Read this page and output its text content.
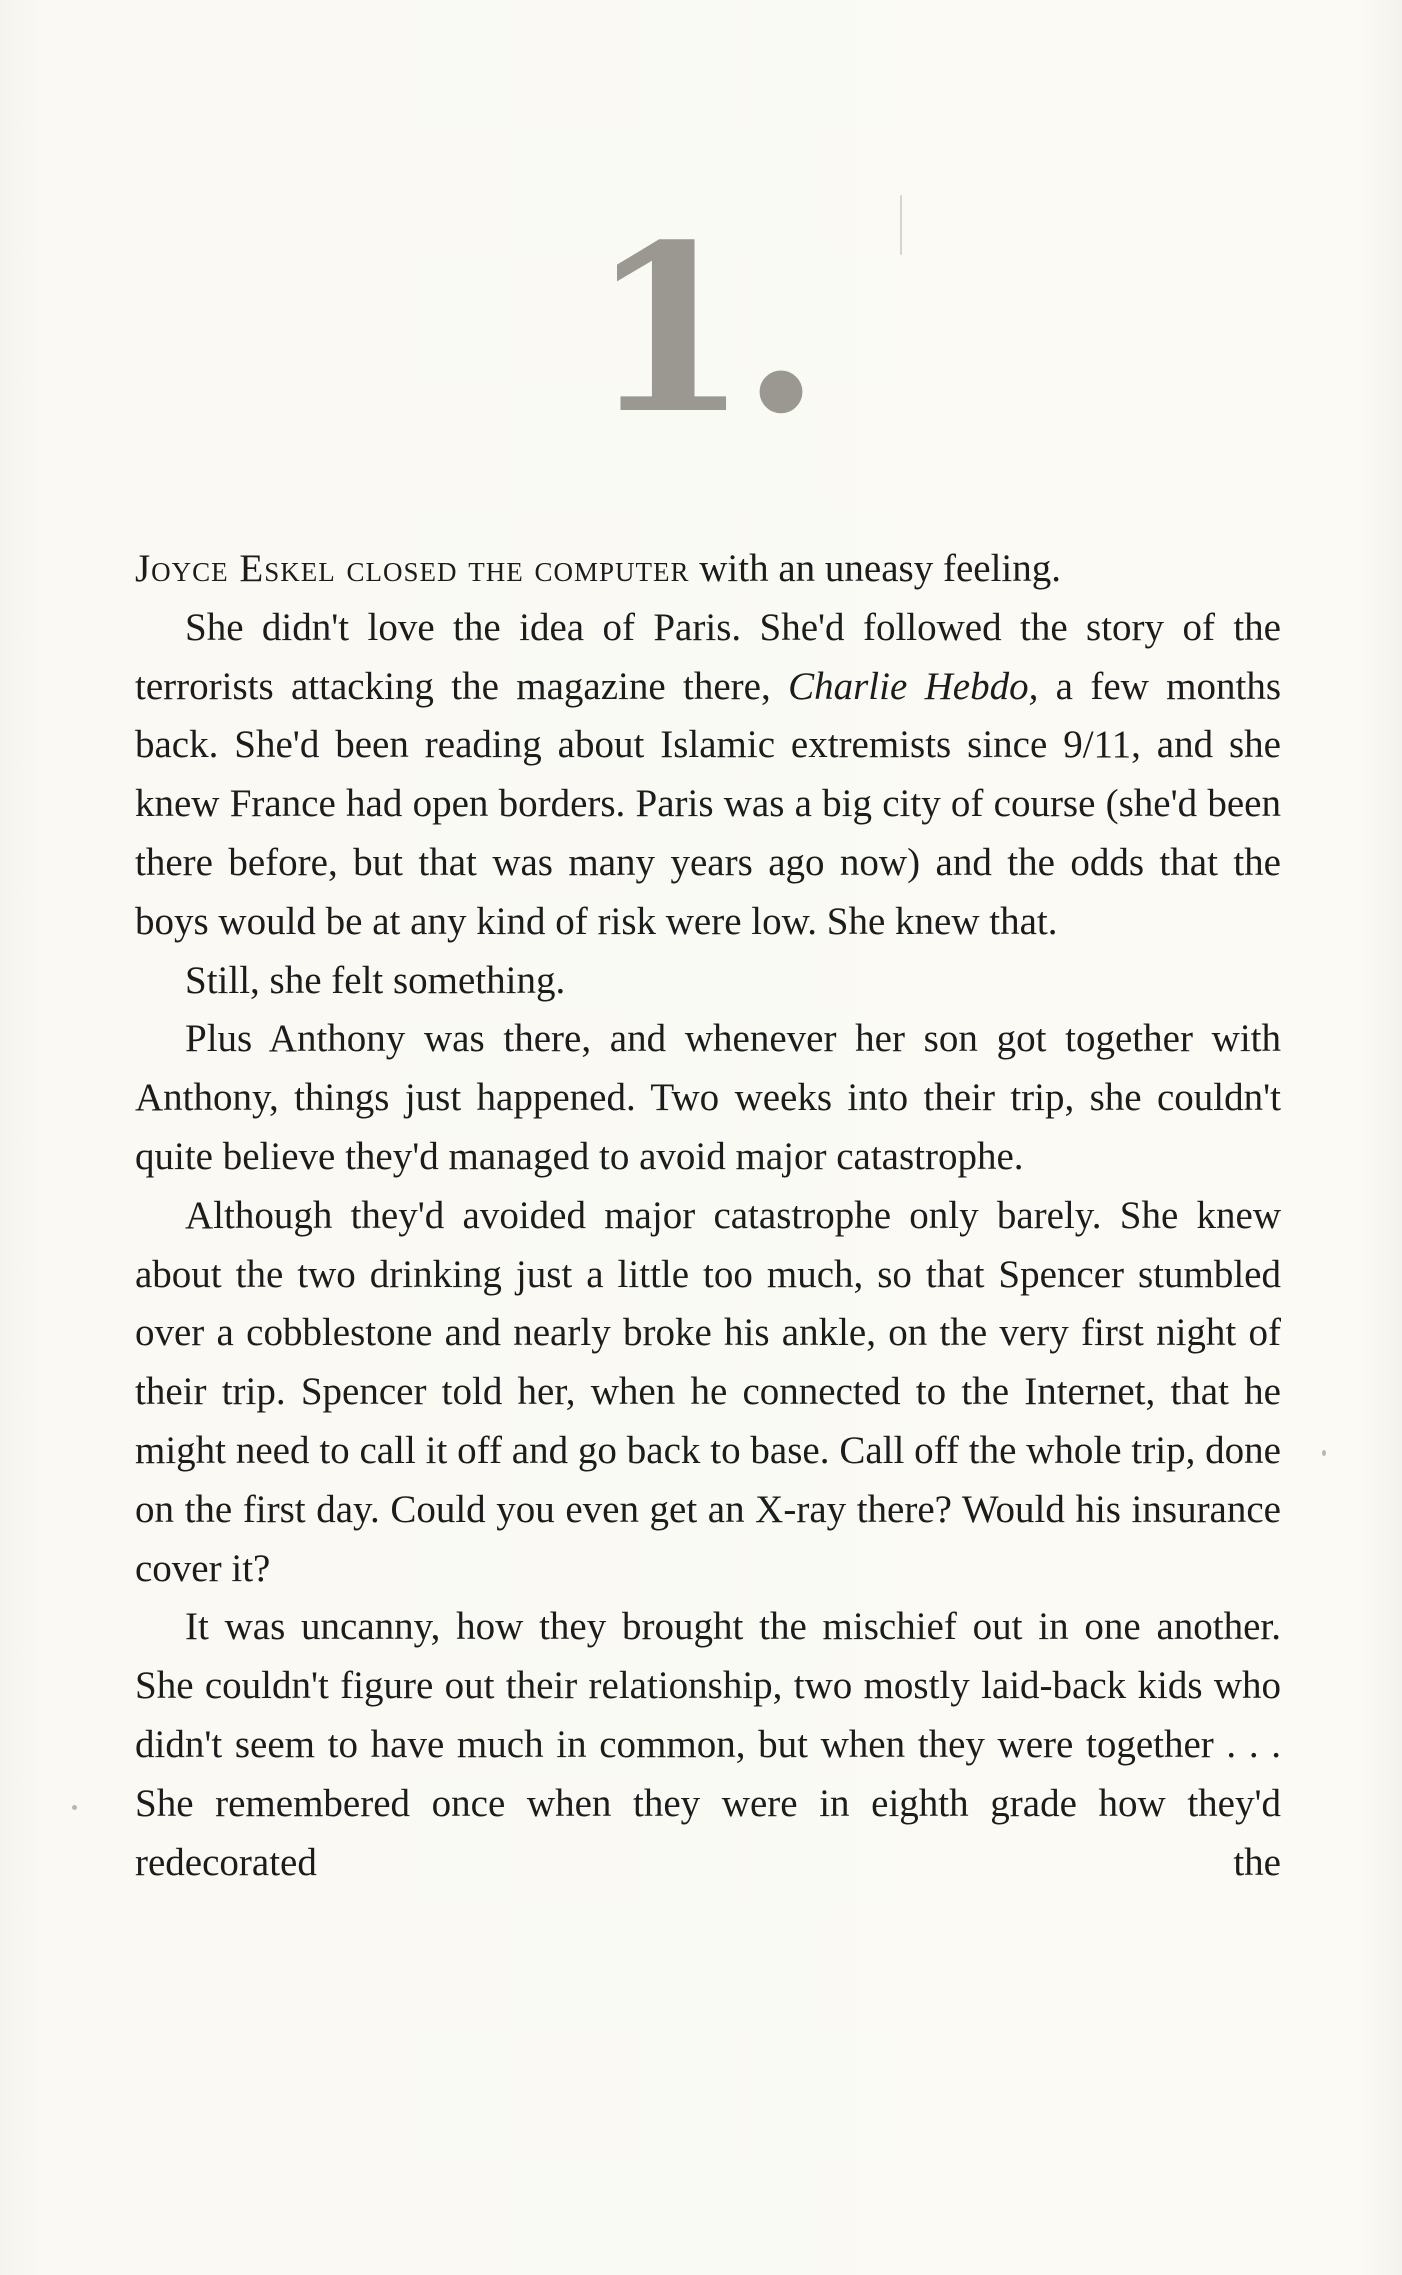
1.

Joyce Eskel closed the computer with an uneasy feeling.

She didn't love the idea of Paris. She'd followed the story of the terrorists attacking the magazine there, Charlie Hebdo, a few months back. She'd been reading about Islamic extremists since 9/11, and she knew France had open borders. Paris was a big city of course (she'd been there before, but that was many years ago now) and the odds that the boys would be at any kind of risk were low. She knew that.

Still, she felt something.

Plus Anthony was there, and whenever her son got together with Anthony, things just happened. Two weeks into their trip, she couldn't quite believe they'd managed to avoid major catastrophe.

Although they'd avoided major catastrophe only barely. She knew about the two drinking just a little too much, so that Spencer stumbled over a cobblestone and nearly broke his ankle, on the very first night of their trip. Spencer told her, when he connected to the Internet, that he might need to call it off and go back to base. Call off the whole trip, done on the first day. Could you even get an X-ray there? Would his insurance cover it?

It was uncanny, how they brought the mischief out in one another. She couldn't figure out their relationship, two mostly laid-back kids who didn't seem to have much in common, but when they were together . . . She remembered once when they were in eighth grade how they'd redecorated the
